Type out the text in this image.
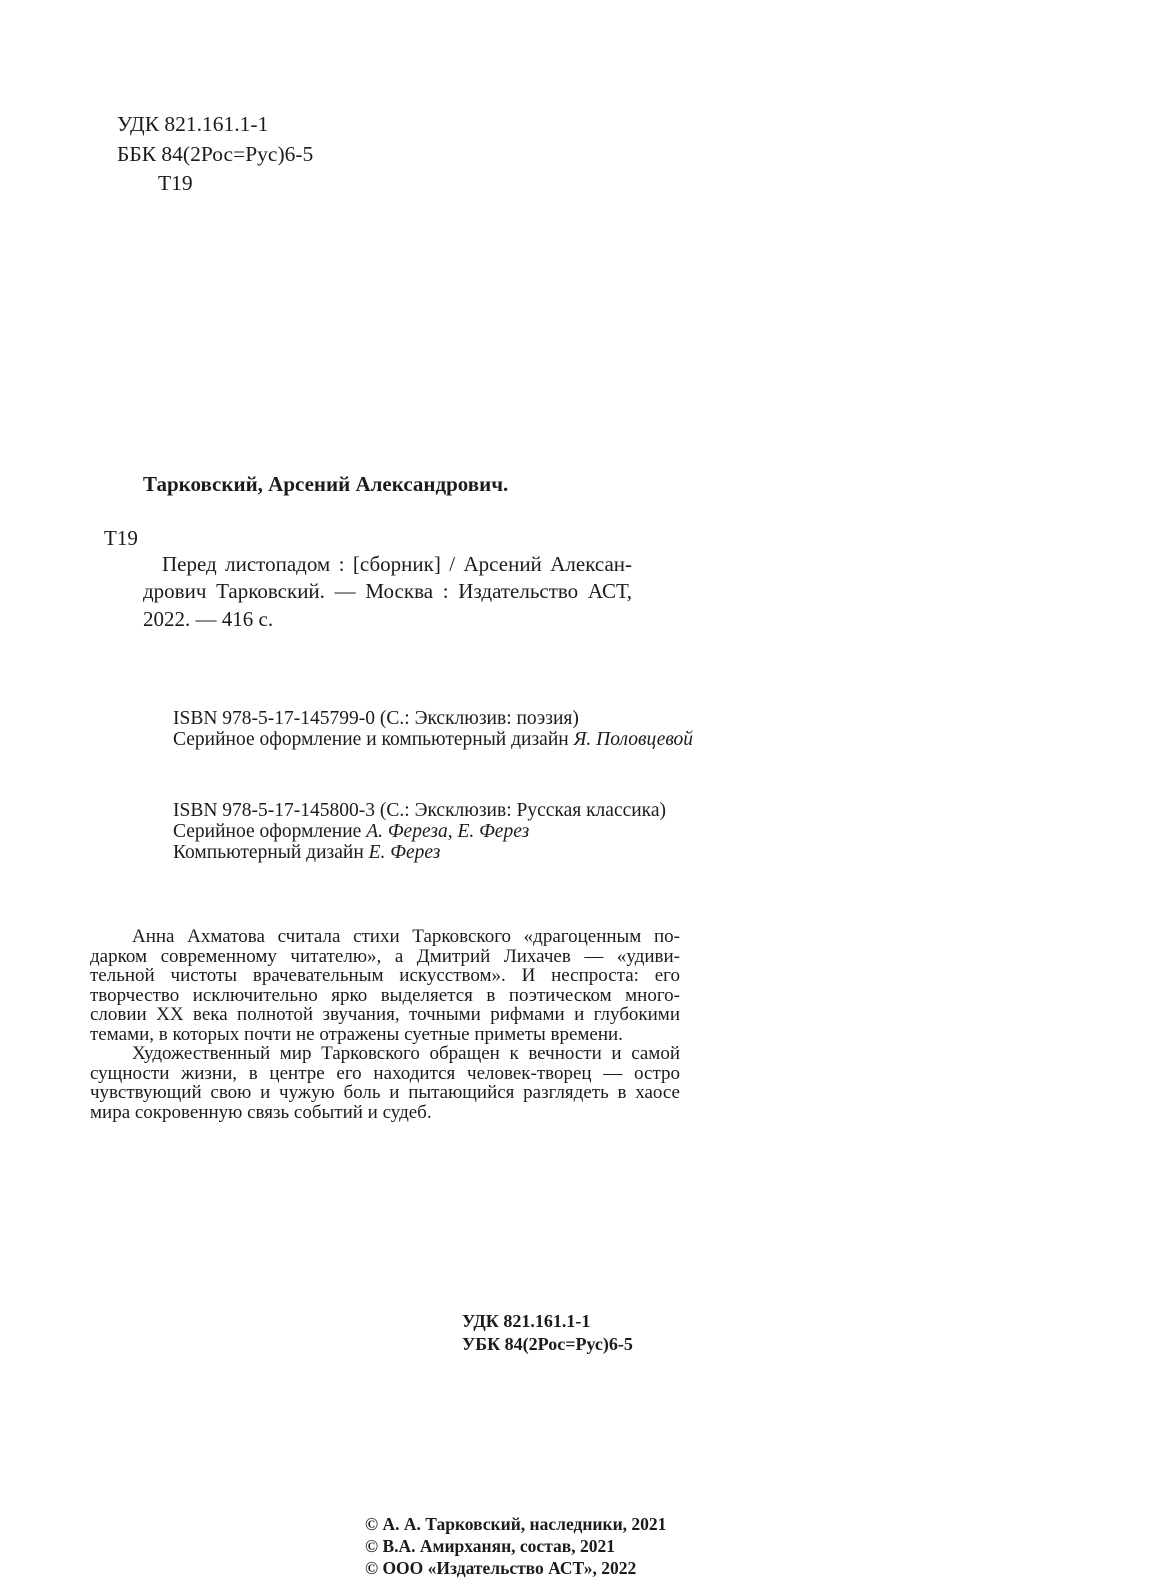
УДК 821.161.1-1
ББК 84(2Рос=Рус)6-5
Т19
Тарковский, Арсений Александрович.
Т19
Перед листопадом : [сборник] / Арсений Алексан-
дрович Тарковский. — Москва : Издательство АСТ,
2022. — 416 с.
ISBN 978-5-17-145799-0 (С.: Эксклюзив: поэзия)
Серийное оформление и компьютерный дизайн Я. Половцевой
ISBN 978-5-17-145800-3 (С.: Эксклюзив: Русская классика)
Серийное оформление А. Фереза, Е. Ферез
Компьютерный дизайн Е. Ферез
Анна Ахматова считала стихи Тарковского «драгоценным по-
дарком современному читателю», а Дмитрий Лихачев — «удиви-
тельной чистоты врачевательным искусством». И неспроста: его
творчество исключительно ярко выделяется в поэтическом много-
словии XX века полнотой звучания, точными рифмами и глубокими
темами, в которых почти не отражены суетные приметы времени.
Художественный мир Тарковского обращен к вечности и самой
сущности жизни, в центре его находится человек-творец — остро
чувствующий свою и чужую боль и пытающийся разглядеть в хаосе
мира сокровенную связь событий и судеб.
УДК 821.161.1-1
УБК 84(2Рос=Рус)6-5
© А. А. Тарковский, наследники, 2021
© В.А. Амирханян, состав, 2021
© ООО «Издательство АСТ», 2022
